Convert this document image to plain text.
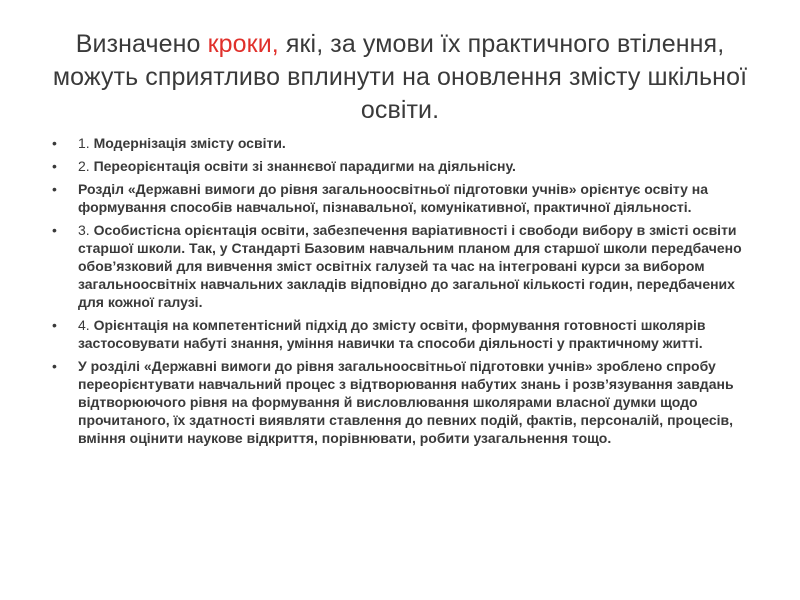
Визначено кроки, які, за умови їх практичного втілення, можуть сприятливо вплинути на оновлення змісту шкільної освіти.
• 1. Модернізація змісту освіти.
• 2. Переорієнтація освіти зі знаннєвої парадигми на діяльнісну.
• Розділ «Державні вимоги до рівня загальноосвітньої підготовки учнів» орієнтує освіту на формування способів навчальної, пізнавальної, комунікативної, практичної діяльності.
• 3. Особистісна орієнтація освіти, забезпечення варіативності і свободи вибору в змісті освіти старшої школи. Так, у Стандарті Базовим навчальним планом для старшої школи передбачено обов’язковий для вивчення зміст освітніх галузей та час на інтегровані курси за вибором загальноосвітніх навчальних закладів відповідно до загальної кількості годин, передбачених для кожної галузі.
• 4. Орієнтація на компетентісний підхід до змісту освіти, формування готовності школярів застосовувати набуті знання, уміння навички та способи діяльності у практичному житті.
• У розділі «Державні вимоги до рівня загальноосвітньої підготовки учнів» зроблено спробу переорієнтувати навчальний процес з відтворювання набутих знань і розв’язування завдань відтворюючого рівня на формування й висловлювання школярами власної думки щодо прочитаного, їх здатності виявляти ставлення до певних подій, фактів, персоналій, процесів, вміння оцінити наукове відкриття, порівнювати, робити узагальнення тощо.
